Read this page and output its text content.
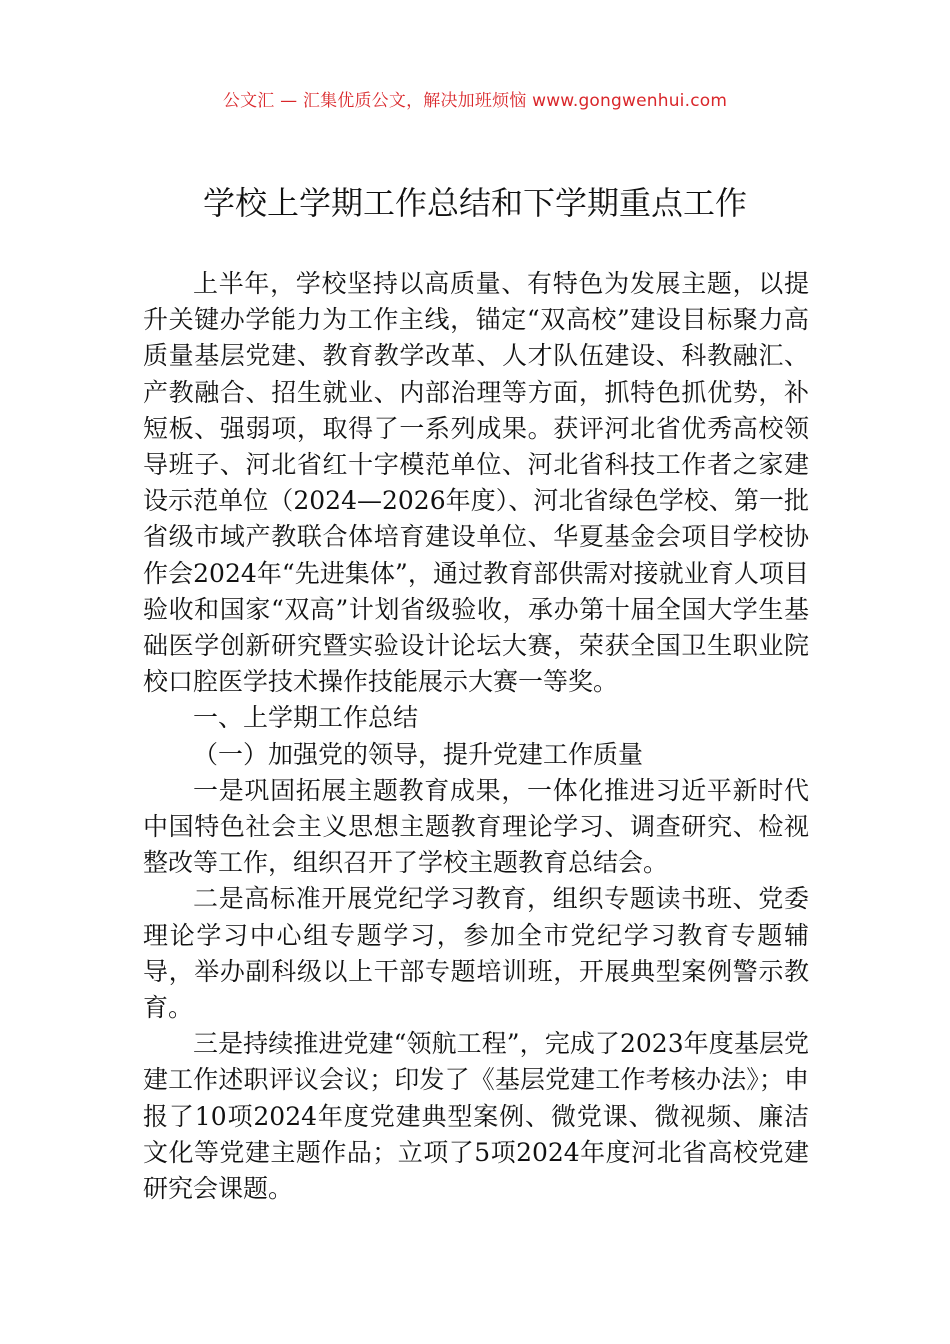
公文汇 — 汇集优质公文，解决加班烦恼 www.gongwenhui.com
学校上学期工作总结和下学期重点工作

上半年，学校坚持以高质量、有特色为发展主题，以提升关键办学能力为工作主线，锚定“双高校”建设目标聚力高质量基层党建、教育教学改革、人才队伍建设、科教融汇、产教融合、招生就业、内部治理等方面，抓特色抓优势，补短板、强弱项，取得了一系列成果。获评河北省优秀高校领导班子、河北省红十字模范单位、河北省科技工作者之家建设示范单位（2024—2026年度）、河北省绿色学校、第一批省级市域产教联合体培育建设单位、华夏基金会项目学校协作会2024年“先进集体”，通过教育部供需对接就业育人项目验收和国家“双高”计划省级验收，承办第十届全国大学生基础医学创新研究暨实验设计论坛大赛，荣获全国卫生职业院校口腔医学技术操作技能展示大赛一等奖。

一、上学期工作总结

（一）加强党的领导，提升党建工作质量

一是巩固拓展主题教育成果，一体化推进习近平新时代中国特色社会主义思想主题教育理论学习、调查研究、检视整改等工作，组织召开了学校主题教育总结会。

二是高标准开展党纪学习教育，组织专题读书班、党委理论学习中心组专题学习，参加全市党纪学习教育专题辅导，举办副科级以上干部专题培训班，开展典型案例警示教育。

三是持续推进党建“领航工程”，完成了2023年度基层党建工作述职评议会议；印发了《基层党建工作考核办法》；申报了10项2024年度党建典型案例、微党课、微视频、廉洁文化等党建主题作品；立项了5项2024年度河北省高校党建研究会课题。
